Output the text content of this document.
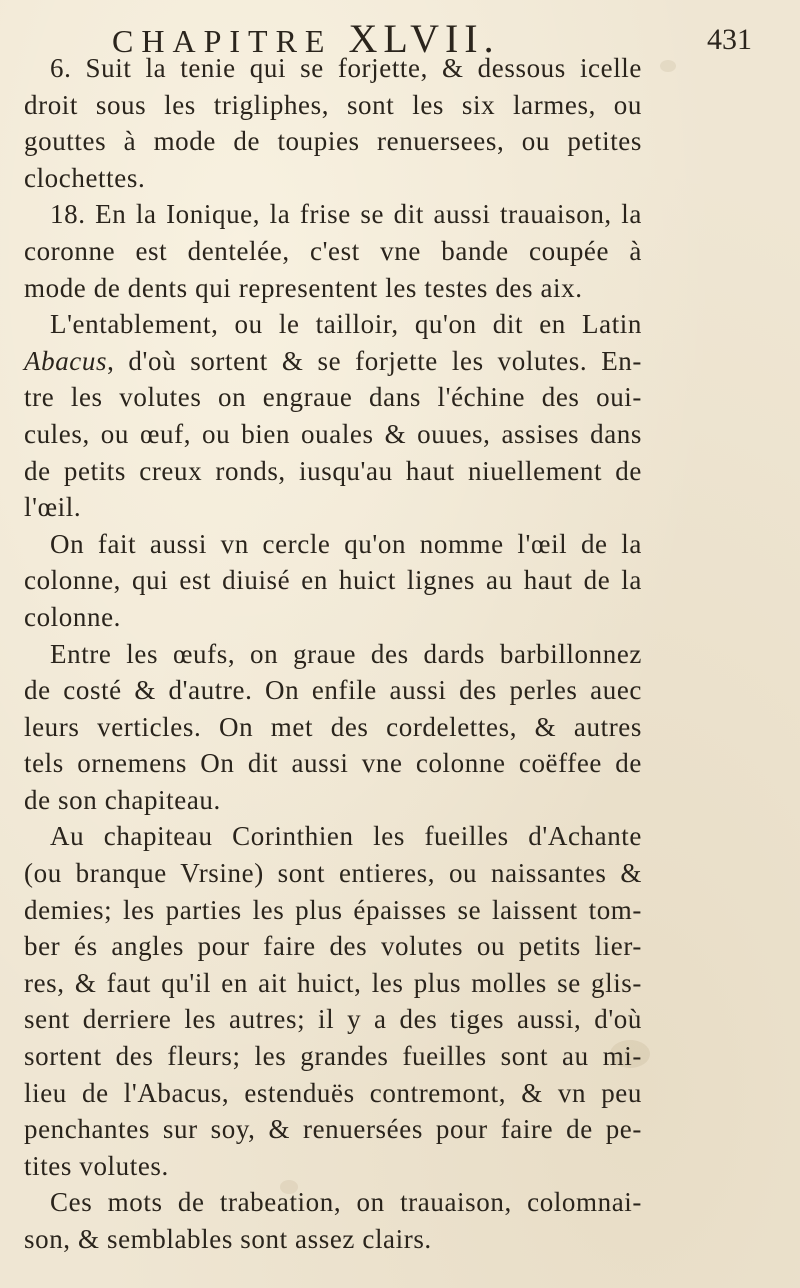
CHAPITRE XLVII.	431
6. Suit la tenie qui se forjette, & dessous icelle
droit sous les trigliphes, sont les six larmes, ou
gouttes à mode de toupies renuersees, ou petites
clochettes.
18. En la Ionique, la frise se dit aussi trauaison, la
coronne est dentelée, c'est vne bande coupée à
mode de dents qui representent les testes des aix.
L'entablement, ou le tailloir, qu'on dit en Latin
Abacus, d'où sortent & se forjette les volutes. En-
tre les volutes on engraue dans l'échine des oui-
cules, ou œuf, ou bien ouales & ouues, assises dans
de petits creux ronds, iusqu'au haut niuellement de
l'œil.
On fait aussi vn cercle qu'on nomme l'œil de la
colonne, qui est diuisé en huict lignes au haut de la
colonne.
Entre les œufs, on graue des dards barbillonnez
de costé & d'autre. On enfile aussi des perles auec
leurs verticles. On met des cordelettes, & autres
tels ornemens On dit aussi vne colonne coëffee de
de son chapiteau.
Au chapiteau Corinthien les fueilles d'Achante
(ou branque Vrsine) sont entieres, ou naissantes &
demies; les parties les plus épaisses se laissent tom-
ber és angles pour faire des volutes ou petits lier-
res, & faut qu'il en ait huict, les plus molles se glis-
sent derriere les autres; il y a des tiges aussi, d'où
sortent des fleurs; les grandes fueilles sont au mi-
lieu de l'Abacus, estenduës contremont, & vn peu
penchantes sur soy, & renuersées pour faire de pe-
tites volutes.
Ces mots de trabeation, on trauaison, colomnai-
son, & semblables sont assez clairs.
